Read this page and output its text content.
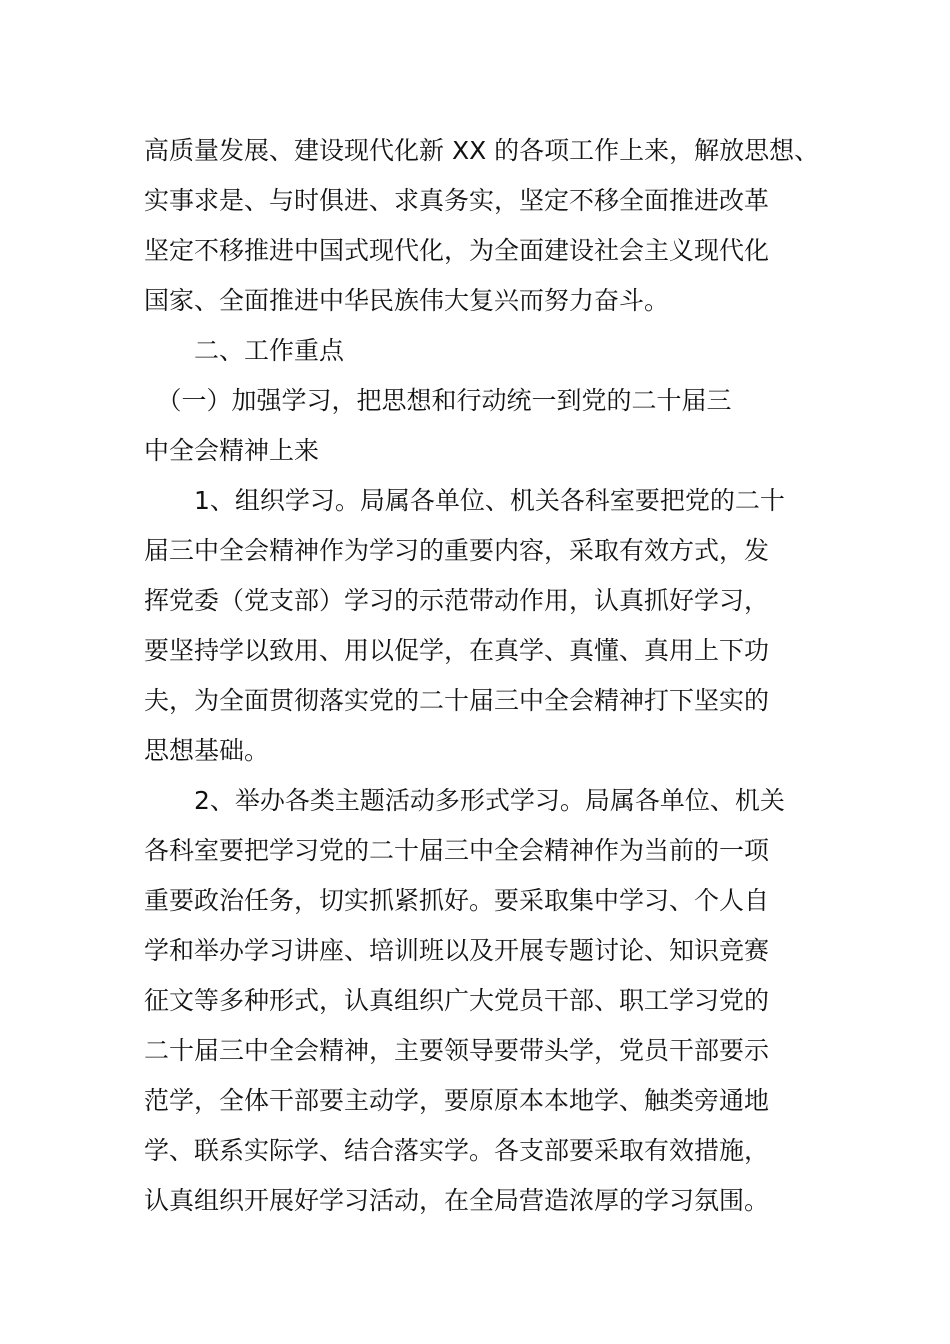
高质量发展、建设现代化新 XX 的各项工作上来，解放思想、

实事求是、与时俱进、求真务实，坚定不移全面推进改革

坚定不移推进中国式现代化，为全面建设社会主义现代化

国家、全面推进中华民族伟大复兴而努力奋斗。

　　二、工作重点

　（一）加强学习，把思想和行动统一到党的二十届三

中全会精神上来

　　1、组织学习。局属各单位、机关各科室要把党的二十

届三中全会精神作为学习的重要内容，采取有效方式，发

挥党委（党支部）学习的示范带动作用，认真抓好学习，

要坚持学以致用、用以促学，在真学、真懂、真用上下功

夫，为全面贯彻落实党的二十届三中全会精神打下坚实的

思想基础。

　　2、举办各类主题活动多形式学习。局属各单位、机关

各科室要把学习党的二十届三中全会精神作为当前的一项

重要政治任务，切实抓紧抓好。要采取集中学习、个人自

学和举办学习讲座、培训班以及开展专题讨论、知识竞赛

征文等多种形式，认真组织广大党员干部、职工学习党的

二十届三中全会精神，主要领导要带头学，党员干部要示

范学，全体干部要主动学，要原原本本地学、触类旁通地

学、联系实际学、结合落实学。各支部要采取有效措施，

认真组织开展好学习活动，在全局营造浓厚的学习氛围。
